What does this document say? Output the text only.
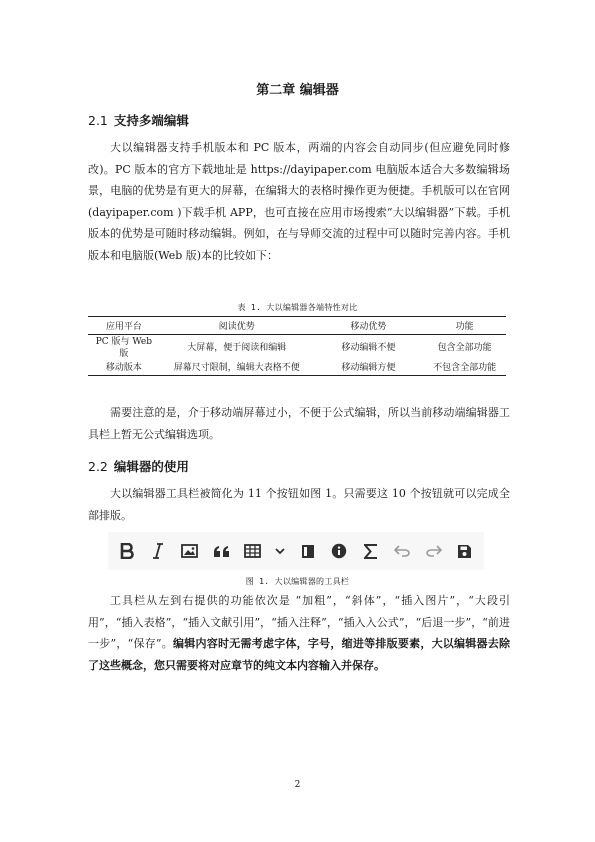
第二章 编辑器
2.1 支持多端编辑

大以编辑器支持手机版本和 PC 版本，两端的内容会自动同步(但应避免同时修改)。PC 版本的官方下载地址是 https://dayipaper.com 电脑版本适合大多数编辑场景，电脑的优势是有更大的屏幕，在编辑大的表格时操作更为便捷。手机版可以在官网(dayipaper.com )下载手机 APP，也可直接在应用市场搜索“大以编辑器”下载。手机版本的优势是可随时移动编辑。例如，在与导师交流的过程中可以随时完善内容。手机版本和电脑版(Web 版)本的比较如下：

表 1. 大以编辑器各端特性对比
应用平台	阅读优势	移动优势	功能
PC 版与 Web 版	大屏幕，便于阅读和编辑	移动编辑不便	包含全部功能
移动版本	屏幕尺寸限制，编辑大表格不便	移动编辑方便	不包含全部功能

需要注意的是，介于移动端屏幕过小，不便于公式编辑，所以当前移动端编辑器工具栏上暂无公式编辑选项。

2.2 编辑器的使用

大以编辑器工具栏被简化为 11 个按钮如图 1。只需要这 10 个按钮就可以完成全部排版。

图 1. 大以编辑器的工具栏

工具栏从左到右提供的功能依次是 “加粗”，“斜体”，“插入图片”，“大段引用”，“插入表格”，“插入文献引用”，“插入注释”，“插入入公式”，“后退一步”，“前进一步”，“保存”。编辑内容时无需考虑字体，字号，缩进等排版要素，大以编辑器去除了这些概念，您只需要将对应章节的纯文本内容输入并保存。

2
